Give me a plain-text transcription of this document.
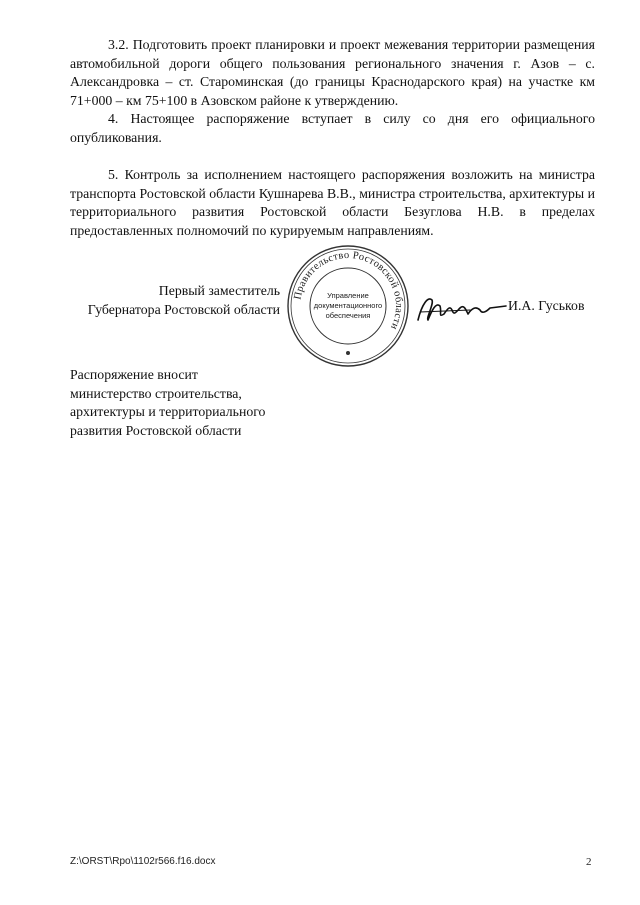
3.2. Подготовить проект планировки и проект межевания территории размещения автомобильной дороги общего пользования регионального значения г. Азов – с. Александровка – ст. Староминская (до границы Краснодарского края) на участке км 71+000 – км 75+100 в Азовском районе к утверждению.
4. Настоящее распоряжение вступает в силу со дня его официального опубликования.
5. Контроль за исполнением настоящего распоряжения возложить на министра транспорта Ростовской области Кушнарева В.В., министра строительства, архитектуры и территориального развития Ростовской области Безуглова Н.В. в пределах предоставленных полномочий по курируемым направлениям.
Первый заместитель
Губернатора Ростовской области
Правительство Ростовской области
Управление
документационного
обеспечения
И.А. Гуськов
Распоряжение вносит
министерство строительства,
архитектуры и территориального
развития Ростовской области
Z:\ORST\Rpo\1102r566.f16.docx	2
